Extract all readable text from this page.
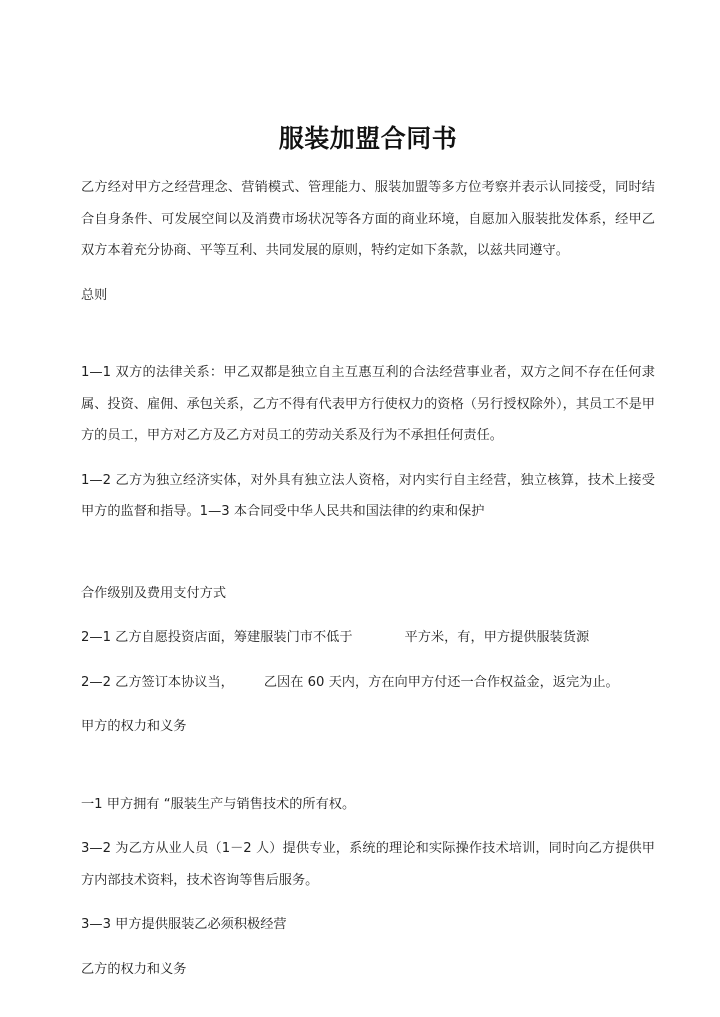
服装加盟合同书

乙方经对甲方之经营理念、营销模式、管理能力、服装加盟等多方位考察并表示认同接受，同时结合自身条件、可发展空间以及消费市场状况等各方面的商业环境，自愿加入服装批发体系，经甲乙双方本着充分协商、平等互利、共同发展的原则，特约定如下条款，以兹共同遵守。

总则

1—1 双方的法律关系：甲乙双都是独立自主互惠互利的合法经营事业者，双方之间不存在任何隶属、投资、雇佣、承包关系，乙方不得有代表甲方行使权力的资格（另行授权除外），其员工不是甲方的员工，甲方对乙方及乙方对员工的劳动关系及行为不承担任何责任。

1—2 乙方为独立经济实体，对外具有独立法人资格，对内实行自主经营，独立核算，技术上接受甲方的监督和指导。1—3 本合同受中华人民共和国法律的约束和保护

合作级别及费用支付方式

2—1 乙方自愿投资店面，筹建服装门市不低于	平方米，有，甲方提供服装货源

2—2 乙方签订本协议当， 乙因在 60 天内，方在向甲方付还一合作权益金，返完为止。

甲方的权力和义务

一1 甲方拥有 “服装生产与销售技术的所有权。

3—2 为乙方从业人员（1－2 人）提供专业，系统的理论和实际操作技术培训，同时向乙方提供甲方内部技术资料，技术咨询等售后服务。

3—3 甲方提供服装乙必须积极经营

乙方的权力和义务
